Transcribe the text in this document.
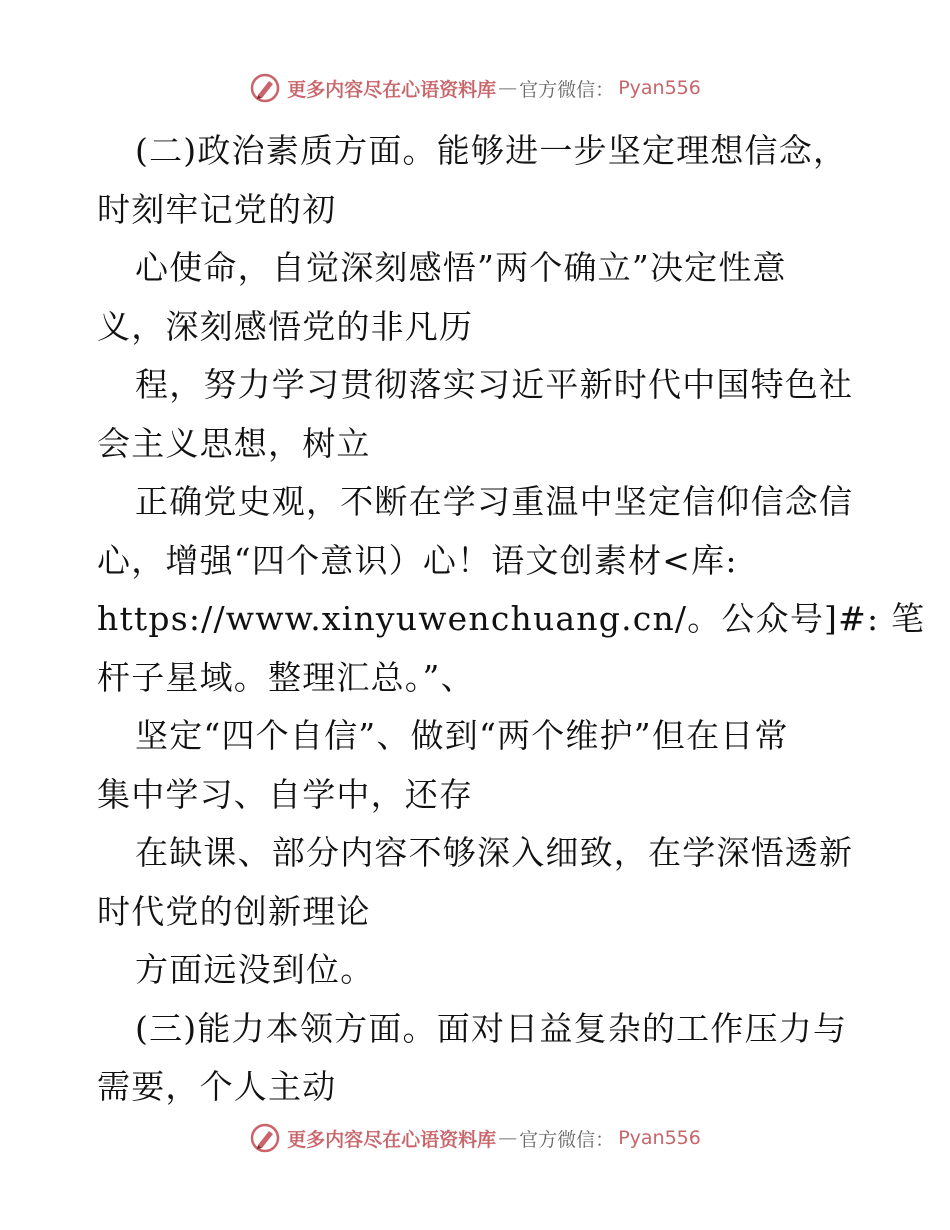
更多内容尽在心语资料库 — 官方微信： Pyan556
(二)政治素质方面。能够进一步坚定理想信念，
时刻牢记党的初
心使命，自觉深刻感悟”两个确立”决定性意
义，深刻感悟党的非凡历
程，努力学习贯彻落实习近平新时代中国特色社
会主义思想，树立
正确党史观，不断在学习重温中坚定信仰信念信
心，增强“四个意识）心！语文创素材<库:
https://www.xinyuwenchuang.cn/。公众号]#: 笔
杆子星域。整理汇总。”、
坚定“四个自信”、做到“两个维护”但在日常
集中学习、自学中，还存
在缺课、部分内容不够深入细致，在学深悟透新
时代党的创新理论
方面远没到位。
(三)能力本领方面。面对日益复杂的工作压力与
需要，个人主动
更多内容尽在心语资料库 — 官方微信： Pyan556
